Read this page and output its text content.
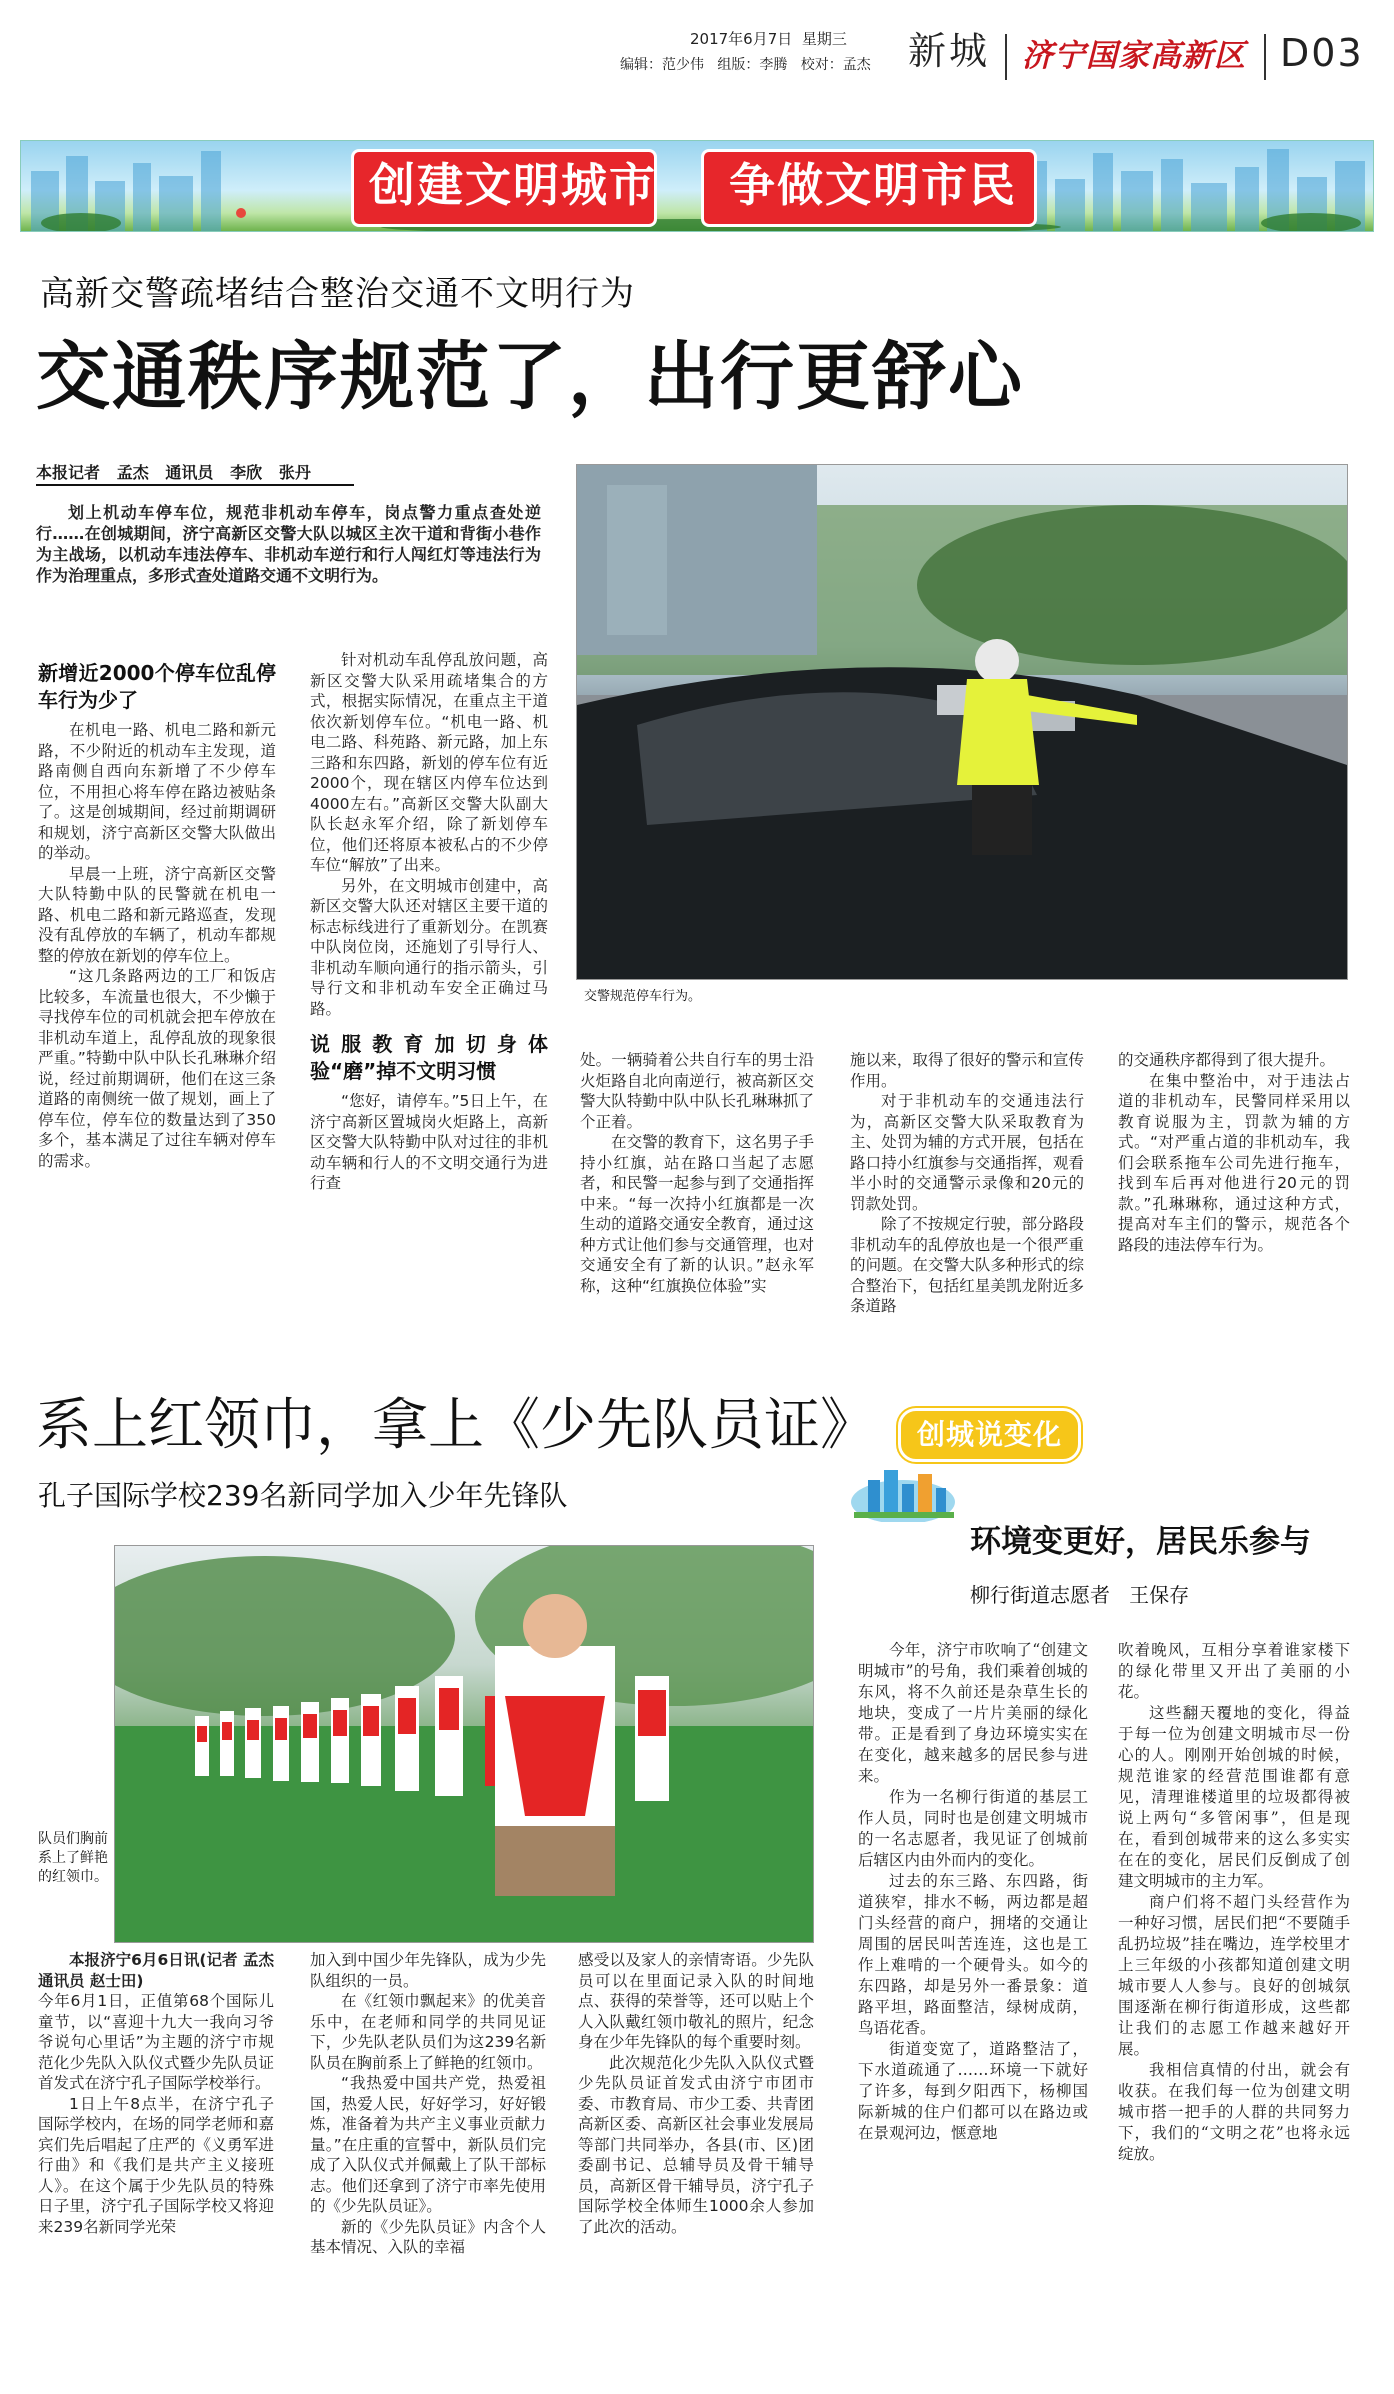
2017年6月7日 星期三
编辑：范少伟   组版：李腾   校对：孟杰 新城 济宁国家高新区 D03
创建文明城市 争做文明市民
高新交警疏堵结合整治交通不文明行为
交通秩序规范了，出行更舒心
本报记者   孟杰   通讯员   李欣   张丹

划上机动车停车位，规范非机动车停车，岗点警力重点查处逆行……在创城期间，济宁高新区交警大队以城区主次干道和背街小巷作为主战场，以机动车违法停车、非机动车逆行和行人闯红灯等违法行为作为治理重点，多形式查处道路交通不文明行为。

交警规范停车行为。
新增近2000个停车位乱停车行为少了

在机电一路、机电二路和新元路，不少附近的机动车主发现，道路南侧自西向东新增了不少停车位，不用担心将车停在路边被贴条了。这是创城期间，经过前期调研和规划，济宁高新区交警大队做出的举动。

早晨一上班，济宁高新区交警大队特勤中队的民警就在机电一路、机电二路和新元路巡查，发现没有乱停放的车辆了，机动车都规整的停放在新划的停车位上。

“这几条路两边的工厂和饭店比较多，车流量也很大，不少懒于寻找停车位的司机就会把车停放在非机动车道上，乱停乱放的现象很严重。”特勤中队中队长孔琳琳介绍说，经过前期调研，他们在这三条道路的南侧统一做了规划，画上了停车位，停车位的数量达到了350多个，基本满足了过往车辆对停车的需求。

针对机动车乱停乱放问题，高新区交警大队采用疏堵集合的方式，根据实际情况，在重点主干道依次新划停车位。“机电一路、机电二路、科苑路、新元路，加上东三路和东四路，新划的停车位有近2000个，现在辖区内停车位达到4000左右。”高新区交警大队副大队长赵永军介绍，除了新划停车位，他们还将原本被私占的不少停车位“解放”了出来。

另外，在文明城市创建中，高新区交警大队还对辖区主要干道的标志标线进行了重新划分。在凯赛中队岗位岗，还施划了引导行人、非机动车顺向通行的指示箭头，引导行文和非机动车安全正确过马路。

说服教育加切身体验“磨”掉不文明习惯

“您好，请停车。”5日上午，在济宁高新区置城岗火炬路上，高新区交警大队特勤中队对过往的非机动车辆和行人的不文明交通行为进行查

处。一辆骑着公共自行车的男士沿火炬路自北向南逆行，被高新区交警大队特勤中队中队长孔琳琳抓了个正着。

在交警的教育下，这名男子手持小红旗，站在路口当起了志愿者，和民警一起参与到了交通指挥中来。“每一次持小红旗都是一次生动的道路交通安全教育，通过这种方式让他们参与交通管理，也对交通安全有了新的认识。”赵永军称，这种“红旗换位体验”实

施以来，取得了很好的警示和宣传作用。

对于非机动车的交通违法行为，高新区交警大队采取教育为主、处罚为辅的方式开展，包括在路口持小红旗参与交通指挥，观看半小时的交通警示录像和20元的罚款处罚。

除了不按规定行驶，部分路段非机动车的乱停放也是一个很严重的问题。在交警大队多种形式的综合整治下，包括红星美凯龙附近多条道路

的交通秩序都得到了很大提升。

在集中整治中，对于违法占道的非机动车，民警同样采用以教育说服为主，罚款为辅的方式。“对严重占道的非机动车，我们会联系拖车公司先进行拖车，找到车后再对他进行20元的罚款。”孔琳琳称，通过这种方式，提高对车主们的警示，规范各个路段的违法停车行为。

系上红领巾，拿上《少先队员证》
孔子国际学校239名新同学加入少年先锋队
队员们胸前系上了鲜艳的红领巾。

本报济宁6月6日讯(记者 孟杰 通讯员 赵士田)

今年6月1日，正值第68个国际儿童节，以“喜迎十九大一我向习爷爷说句心里话”为主题的济宁市规范化少先队入队仪式暨少先队员证首发式在济宁孔子国际学校举行。

1日上午8点半，在济宁孔子国际学校内，在场的同学老师和嘉宾们先后唱起了庄严的《义勇军进行曲》和《我们是共产主义接班人》。在这个属于少先队员的特殊日子里，济宁孔子国际学校又将迎来239名新同学光荣

加入到中国少年先锋队，成为少先队组织的一员。

在《红领巾飘起来》的优美音乐中，在老师和同学的共同见证下，少先队老队员们为这239名新队员在胸前系上了鲜艳的红领巾。

“我热爱中国共产党，热爱祖国，热爱人民，好好学习，好好锻炼，准备着为共产主义事业贡献力量。”在庄重的宣誓中，新队员们完成了入队仪式并佩戴上了队干部标志。他们还拿到了济宁市率先使用的《少先队员证》。

新的《少先队员证》内含个人基本情况、入队的幸福

感受以及家人的亲情寄语。少先队员可以在里面记录入队的时间地点、获得的荣誉等，还可以贴上个人入队戴红领巾敬礼的照片，纪念身在少年先锋队的每个重要时刻。

此次规范化少先队入队仪式暨少先队员证首发式由济宁市团市委、市教育局、市少工委、共青团高新区委、高新区社会事业发展局等部门共同举办，各县(市、区)团委副书记、总辅导员及骨干辅导员，高新区骨干辅导员，济宁孔子国际学校全体师生1000余人参加了此次的活动。

创城说变化
环境变更好，居民乐参与
柳行街道志愿者   王保存

今年，济宁市吹响了“创建文明城市”的号角，我们乘着创城的东风，将不久前还是杂草生长的地块，变成了一片片美丽的绿化带。正是看到了身边环境实实在在变化，越来越多的居民参与进来。

作为一名柳行街道的基层工作人员，同时也是创建文明城市的一名志愿者，我见证了创城前后辖区内由外而内的变化。

过去的东三路、东四路，街道狭窄，排水不畅，两边都是超门头经营的商户，拥堵的交通让周围的居民叫苦连连，这也是工作上难啃的一个硬骨头。如今的东四路，却是另外一番景象：道路平坦，路面整洁，绿树成荫，鸟语花香。

街道变宽了，道路整洁了，下水道疏通了……环境一下就好了许多，每到夕阳西下，杨柳国际新城的住户们都可以在路边或在景观河边，惬意地

吹着晚风，互相分享着谁家楼下的绿化带里又开出了美丽的小花。

这些翻天覆地的变化，得益于每一位为创建文明城市尽一份心的人。刚刚开始创城的时候，规范谁家的经营范围谁都有意见，清理谁楼道里的垃圾都得被说上两句“多管闲事”，但是现在，看到创城带来的这么多实实在在的变化，居民们反倒成了创建文明城市的主力军。

商户们将不超门头经营作为一种好习惯，居民们把“不要随手乱扔垃圾”挂在嘴边，连学校里才上三年级的小孩都知道创建文明城市要人人参与。良好的创城氛围逐渐在柳行街道形成，这些都让我们的志愿工作越来越好开展。

我相信真情的付出，就会有收获。在我们每一位为创建文明城市搭一把手的人群的共同努力下，我们的“文明之花”也将永远绽放。
